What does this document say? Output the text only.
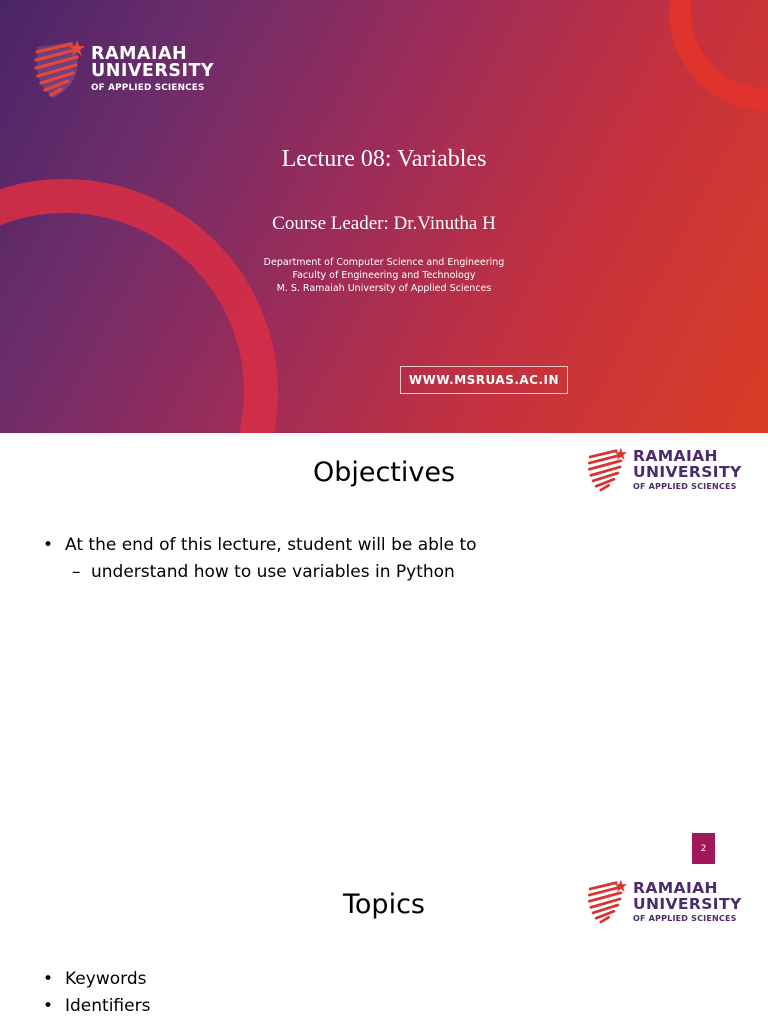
RAMAIAH
UNIVERSITY
OF APPLIED SCIENCES
Lecture 08: Variables
Course Leader: Dr.Vinutha H
Department of Computer Science and Engineering
Faculty of Engineering and Technology
M. S. Ramaiah University of Applied Sciences
WWW.MSRUAS.AC.IN
Objectives
RAMAIAH
UNIVERSITY
OF APPLIED SCIENCES
• At the end of this lecture, student will be able to
– understand how to use variables in Python
2
Topics
RAMAIAH
UNIVERSITY
OF APPLIED SCIENCES
• Keywords
• Identifiers
